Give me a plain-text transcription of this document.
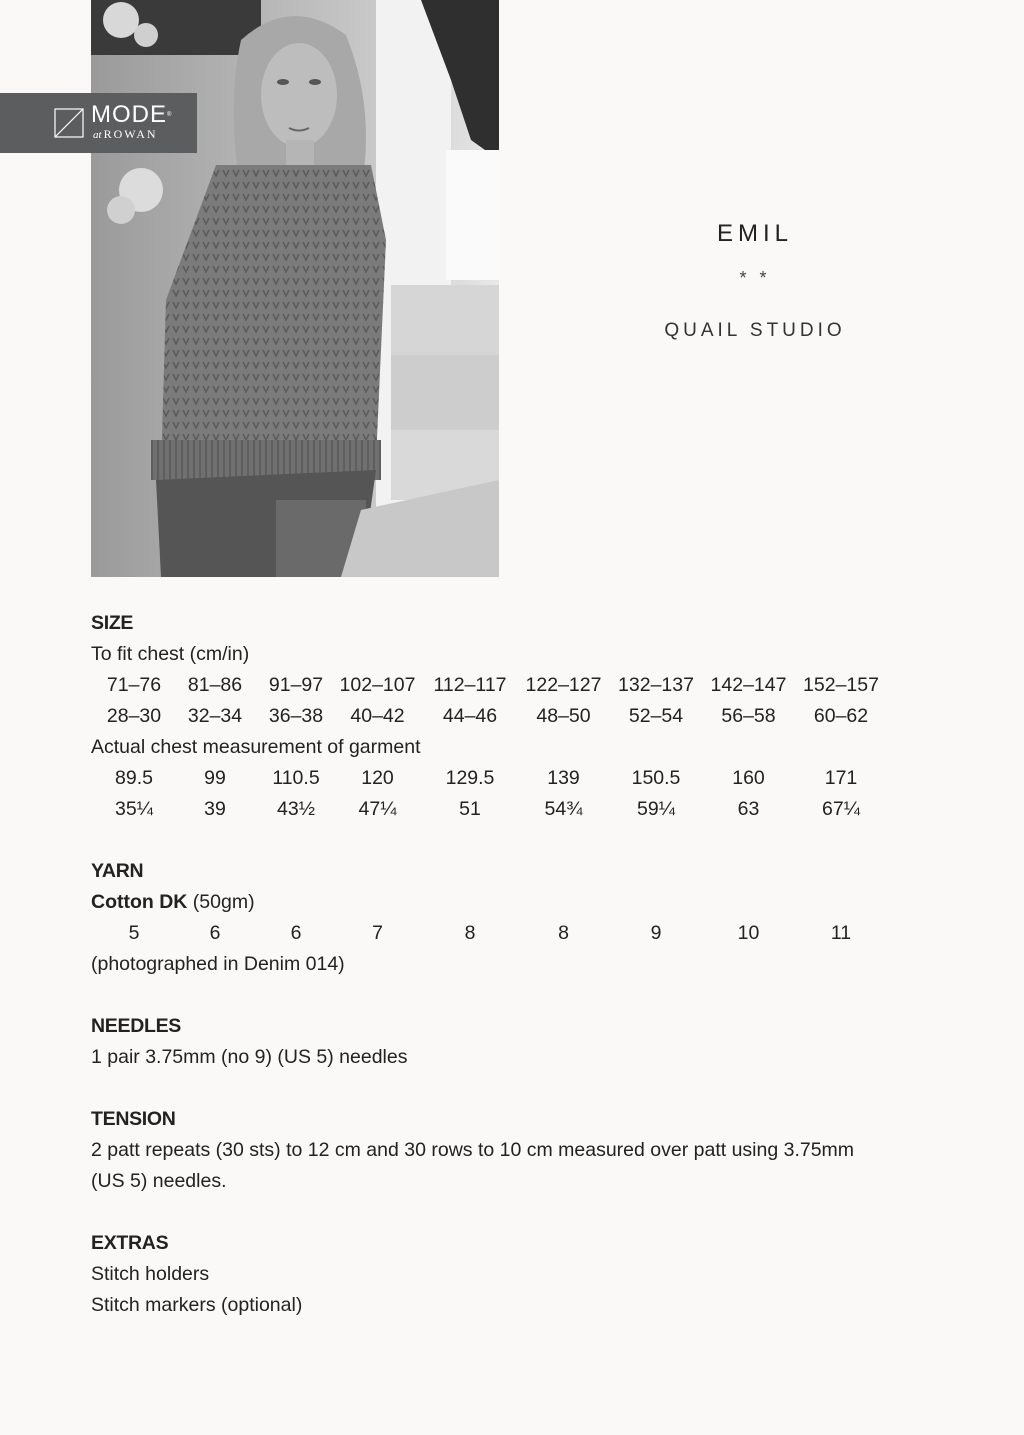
MODE®
at ROWAN
EMIL
* *
QUAIL STUDIO
SIZE
To fit chest (cm/in)
71–76	81–86	91–97 102–107 112–117 122–127 132–137 142–147 152–157
28–30	32–34	36–38	40–42	44–46	48–50	52–54	56–58	60–62
Actual chest measurement of garment
89.5	99	110.5	120	129.5	139	150.5	160	171
35¼	39	43½	47¼	51	54¾	59¼	63	67¼
YARN
Cotton DK (50gm)
5	6	6	7	8	8	9	10	11
(photographed in Denim 014)
NEEDLES
1 pair 3.75mm (no 9) (US 5) needles
TENSION
2 patt repeats (30 sts) to 12 cm and 30 rows to 10 cm measured over patt using 3.75mm
(US 5) needles.
EXTRAS
Stitch holders
Stitch markers (optional)
